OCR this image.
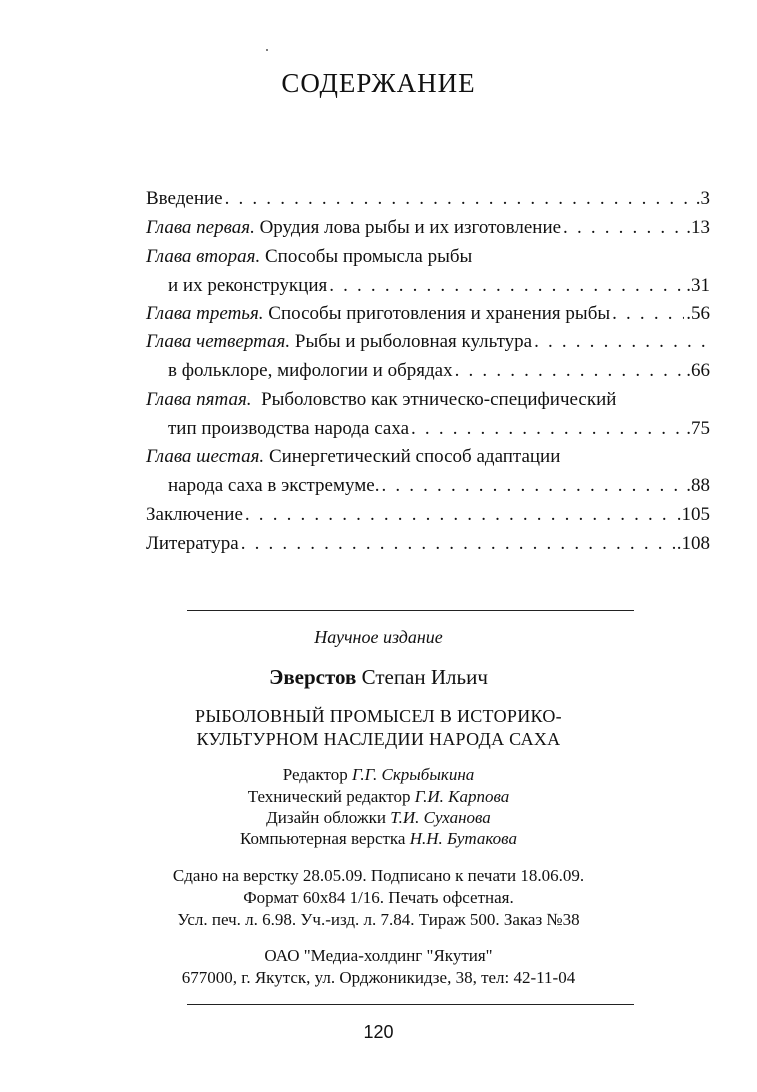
СОДЕРЖАНИЕ
Введение . . .	.3
Глава первая. Орудия лова рыбы и их изготовление . . .	.13
Глава вторая. Способы промысла рыбы
и их реконструкция . . .	.31
Глава третья. Способы приготовления и хранения рыбы . . .	.56
Глава четвертая. Рыбы и рыболовная культура
. . .
в фольклоре, мифологии и обрядах . . .	.66
Глава пятая. Рыболовство как этническо-специфический
тип производства народа саха . . .	.75
Глава шестая. Синергетический способ адаптации
народа саха в экстремуме. . . .	.88
Заключение . . .	.105
Литература . . .	.108
Научное издание
Эверстов Степан Ильич
РЫБОЛОВНЫЙ ПРОМЫСЕЛ В ИСТОРИКО-
КУЛЬТУРНОМ НАСЛЕДИИ НАРОДА САХА
Редактор Г.Г. Скрыбыкина
Технический редактор Г.И. Карпова
Дизайн обложки Т.И. Суханова
Компьютерная верстка Н.Н. Бутакова
Сдано на верстку 28.05.09. Подписано к печати 18.06.09.
Формат 60x84 1/16. Печать офсетная.
Усл. печ. л. 6.98. Уч.-изд. л. 7.84. Тираж 500. Заказ №38
ОАО "Медиа-холдинг "Якутия"
677000, г. Якутск, ул. Орджоникидзе, 38, тел: 42-11-04
120
